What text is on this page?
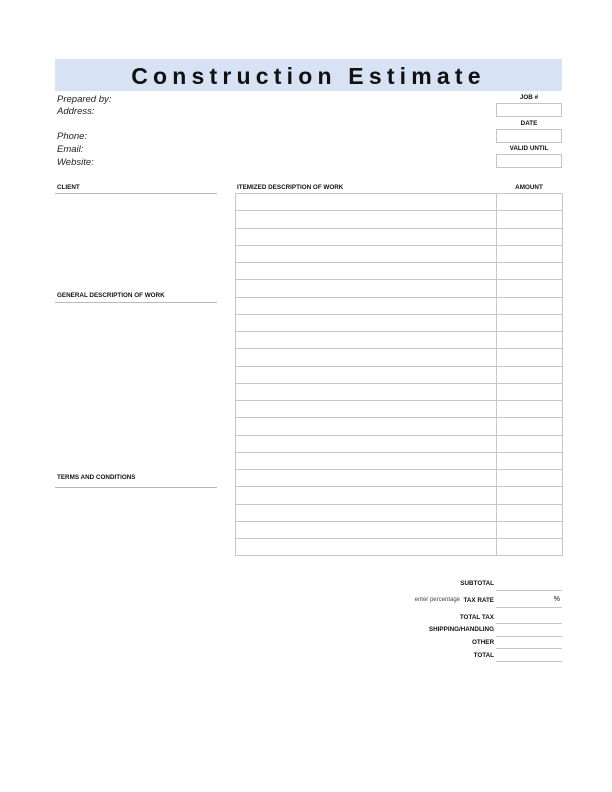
Construction Estimate
Prepared by:
Address:
Phone:
Email:
Website:
JOB #
DATE
VALID UNTIL
CLIENT
GENERAL DESCRIPTION OF WORK
TERMS AND CONDITIONS
ITEMIZED DESCRIPTION OF WORK	AMOUNT

SUBTOTAL
enter percentage TAX RATE	%
TOTAL TAX
SHIPPING/HANDLING
OTHER
TOTAL
